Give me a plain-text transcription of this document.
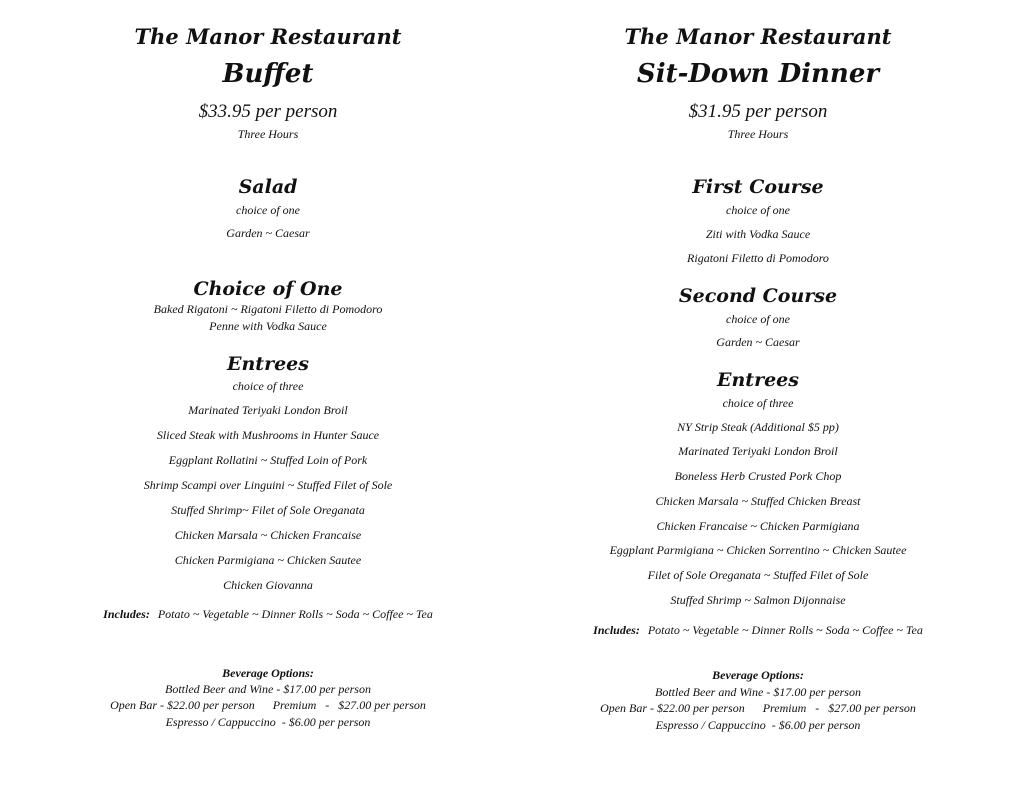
The Manor Restaurant
Buffet
$33.95 per person
Three Hours
Salad
choice of one
Garden ~ Caesar
Choice of One
Baked Rigatoni ~ Rigatoni Filetto di Pomodoro
Penne with Vodka Sauce
Entrees
choice of three
Marinated Teriyaki London Broil
Sliced Steak with Mushrooms in Hunter Sauce
Eggplant Rollatini ~ Stuffed Loin of Pork
Shrimp Scampi over Linguini ~ Stuffed Filet of Sole
Stuffed Shrimp~ Filet of Sole Oreganata
Chicken Marsala ~ Chicken Francaise
Chicken Parmigiana ~ Chicken Sautee
Chicken Giovanna
Includes: Potato ~ Vegetable ~ Dinner Rolls ~ Soda ~ Coffee ~ Tea
Beverage Options:
Bottled Beer and Wine - $17.00 per person
Open Bar - $22.00 per person      Premium   -   $27.00 per person
Espresso / Cappuccino  - $6.00 per person
The Manor Restaurant
Sit-Down Dinner
$31.95 per person
Three Hours
First Course
choice of one
Ziti with Vodka Sauce
Rigatoni Filetto di Pomodoro
Second Course
choice of one
Garden ~ Caesar
Entrees
choice of three
NY Strip Steak (Additional $5 pp)
Marinated Teriyaki London Broil
Boneless Herb Crusted Pork Chop
Chicken Marsala ~ Stuffed Chicken Breast
Chicken Francaise ~ Chicken Parmigiana
Eggplant Parmigiana ~ Chicken Sorrentino ~ Chicken Sautee
Filet of Sole Oreganata ~ Stuffed Filet of Sole
Stuffed Shrimp ~ Salmon Dijonnaise
Includes: Potato ~ Vegetable ~ Dinner Rolls ~ Soda ~ Coffee ~ Tea
Beverage Options:
Bottled Beer and Wine - $17.00 per person
Open Bar - $22.00 per person      Premium   -   $27.00 per person
Espresso / Cappuccino  - $6.00 per person
